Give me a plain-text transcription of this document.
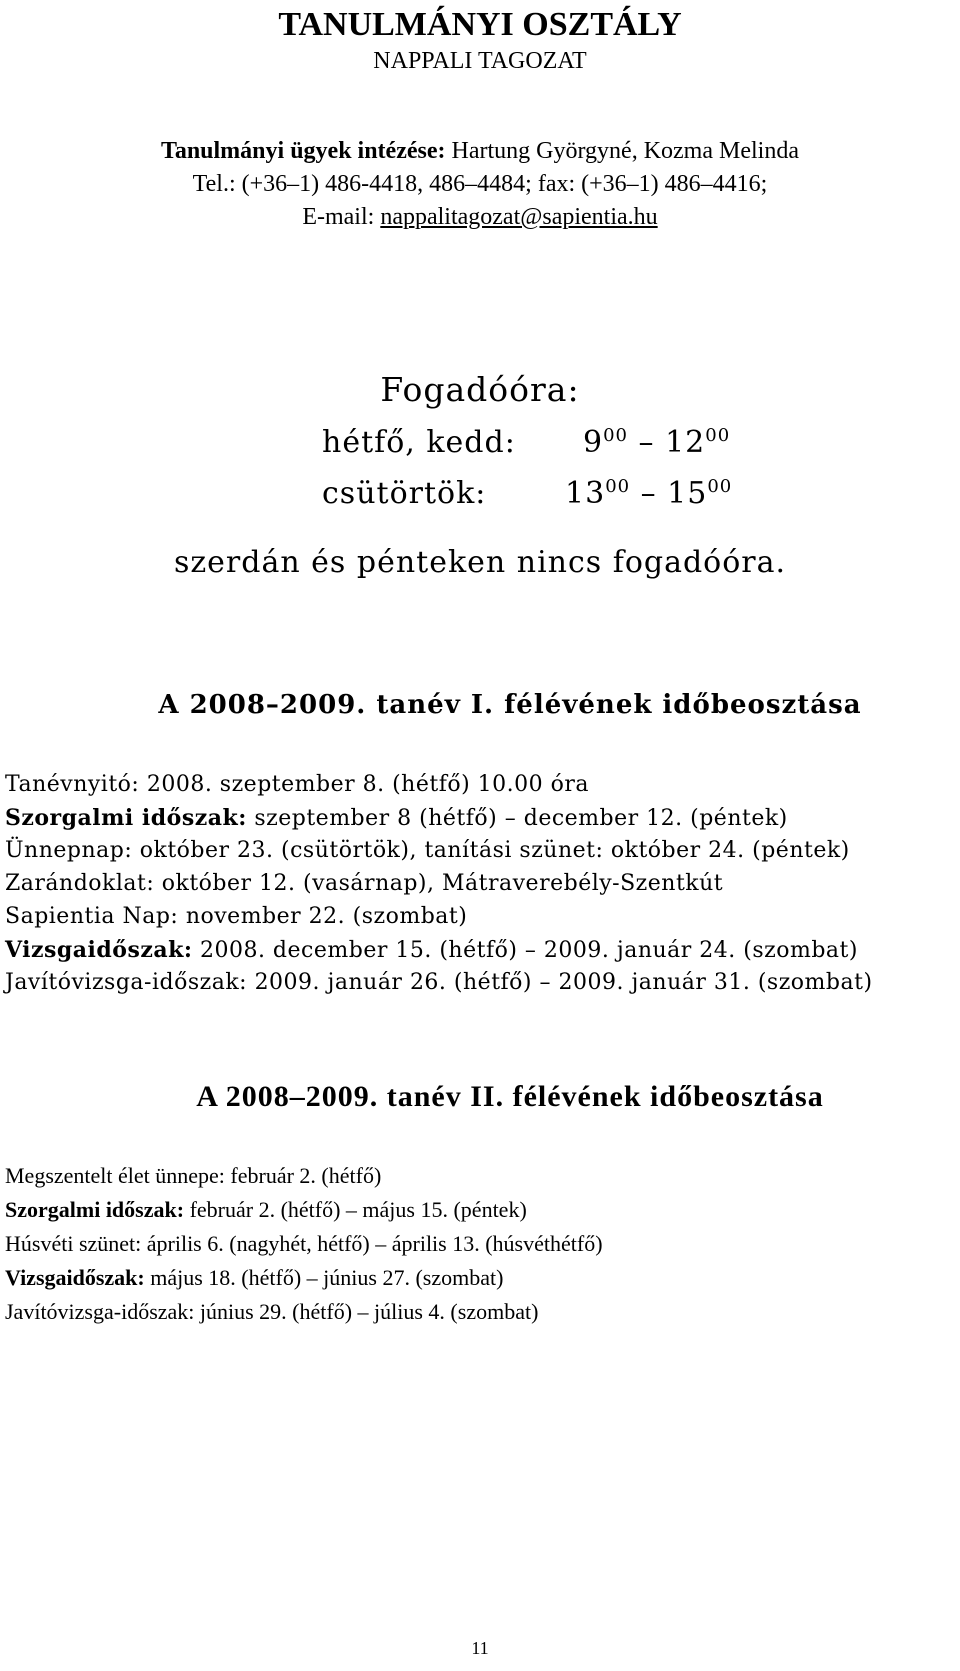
TANULMÁNYI OSZTÁLY
NAPPALI TAGOZAT
Tanulmányi ügyek intézése: Hartung Györgyné, Kozma Melinda
Tel.: (+36–1) 486-4418, 486–4484; fax: (+36–1) 486–4416;
E-mail: nappalitagozat@sapientia.hu
Fogadóóra:
hétfő, kedd: $9^{00} - 12^{00}$
csütörtök:	$13^{00} - 15^{00}$
szerdán és pénteken nincs fogadóóra.
A 2008–2009. tanév I. félévének időbeosztása
Tanévnyitó: 2008. szeptember 8. (hétfő) 10.00 óra
Szorgalmi időszak: szeptember 8 (hétfő) – december 12. (péntek)
Ünnepnap: október 23. (csütörtök), tanítási szünet: október 24. (péntek)
Zarándoklat: október 12. (vasárnap), Mátraverebély-Szentkút
Sapientia Nap: november 22. (szombat)
Vizsgaidőszak: 2008. december 15. (hétfő) – 2009. január 24. (szombat)
Javítóvizsga-időszak: 2009. január 26. (hétfő) – 2009. január 31. (szombat)
A 2008–2009. tanév II. félévének időbeosztása
Megszentelt élet ünnepe: február 2. (hétfő)
Szorgalmi időszak: február 2. (hétfő) – május 15. (péntek)
Húsvéti szünet: április 6. (nagyhét, hétfő) – április 13. (húsvéthétfő)
Vizsgaidőszak: május 18. (hétfő) – június 27. (szombat)
Javítóvizsga-időszak: június 29. (hétfő) – július 4. (szombat)
11
